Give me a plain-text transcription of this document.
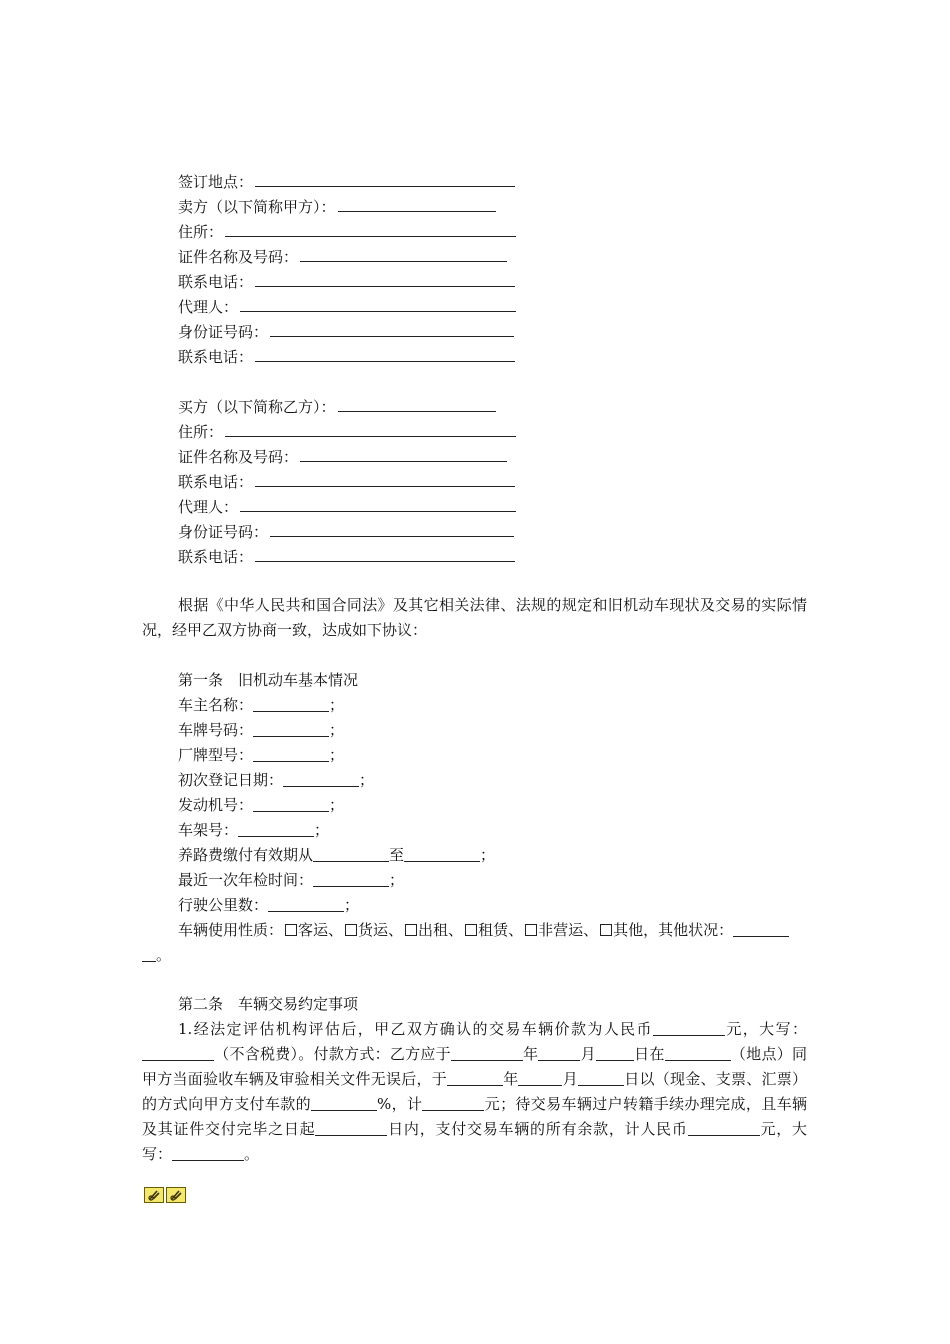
签订地点：
卖方（以下简称甲方）：
住所：
证件名称及号码：
联系电话：
代理人：
身份证号码：
联系电话：
买方（以下简称乙方）：
住所：
证件名称及号码：
联系电话：
代理人：
身份证号码：
联系电话：
根据《中华人民共和国合同法》及其它相关法律、法规的规定和旧机动车现状及交易的实际情况，经甲乙双方协商一致，达成如下协议：
第一条　旧机动车基本情况
车主名称：	；
车牌号码：	；
厂牌型号：	；
初次登记日期：	；
发动机号：	；
车架号：	；
养路费缴付有效期从	至	；
最近一次年检时间：	；
行驶公里数：	；
车辆使用性质： 客运、 货运、 出租、 租赁、 非营运、 其他，其他状况：
。
第二条　车辆交易约定事项
1.经法定评估机构评估后，甲乙双方确认的交易车辆价款为人民币	元，大写：（不含税费）。付款方式：乙方应于	年	月	日在	（地点）同甲方当面验收车辆及审验相关文件无误后，于	年	月	日以（现金、支票、汇票）的方式向甲方支付车款的	%，计	元；待交易车辆过户转籍手续办理完成，且车辆及其证件交付完毕之日起	日内，支付交易车辆的所有余款，计人民币	元，大写：	。
